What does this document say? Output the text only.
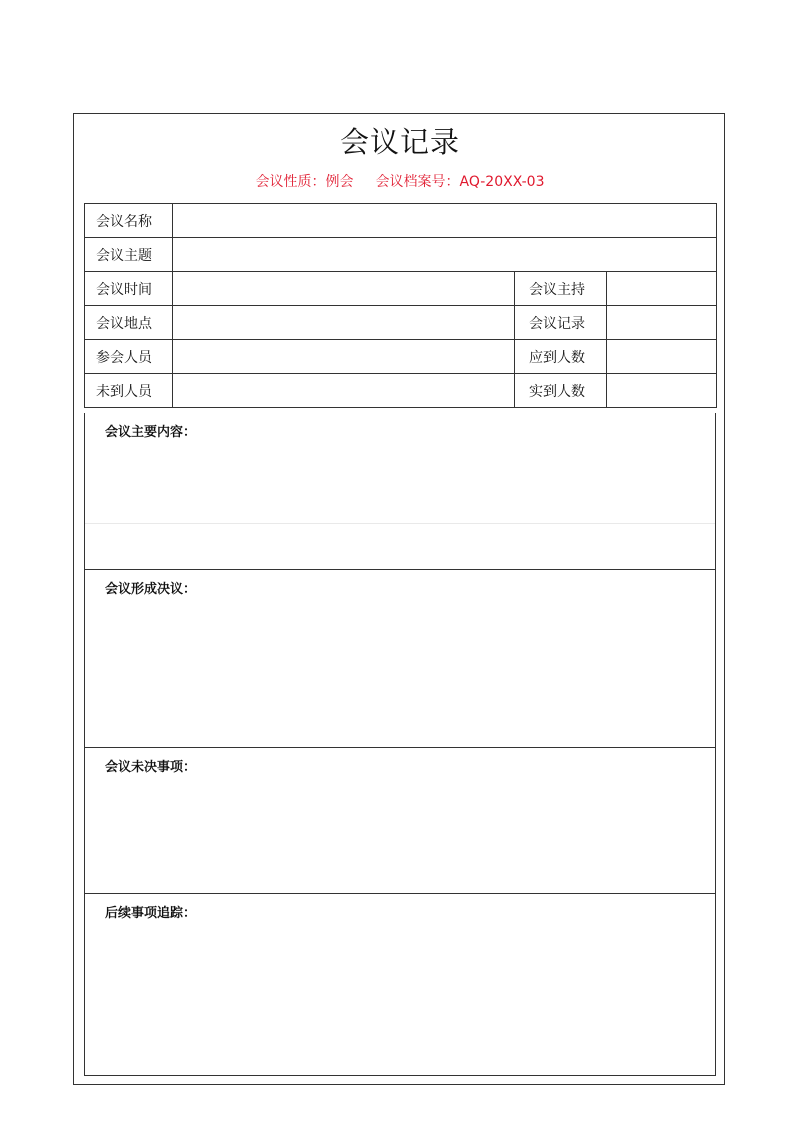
会议记录
会议性质：例会 会议档案号：AQ-20XX-03
会议名称			
会议主题			
会议时间		会议主持	
会议地点		会议记录	
参会人员		应到人数	
未到人员		实到人数	
会议主要内容：
会议形成决议：
会议未决事项：
后续事项追踪：
